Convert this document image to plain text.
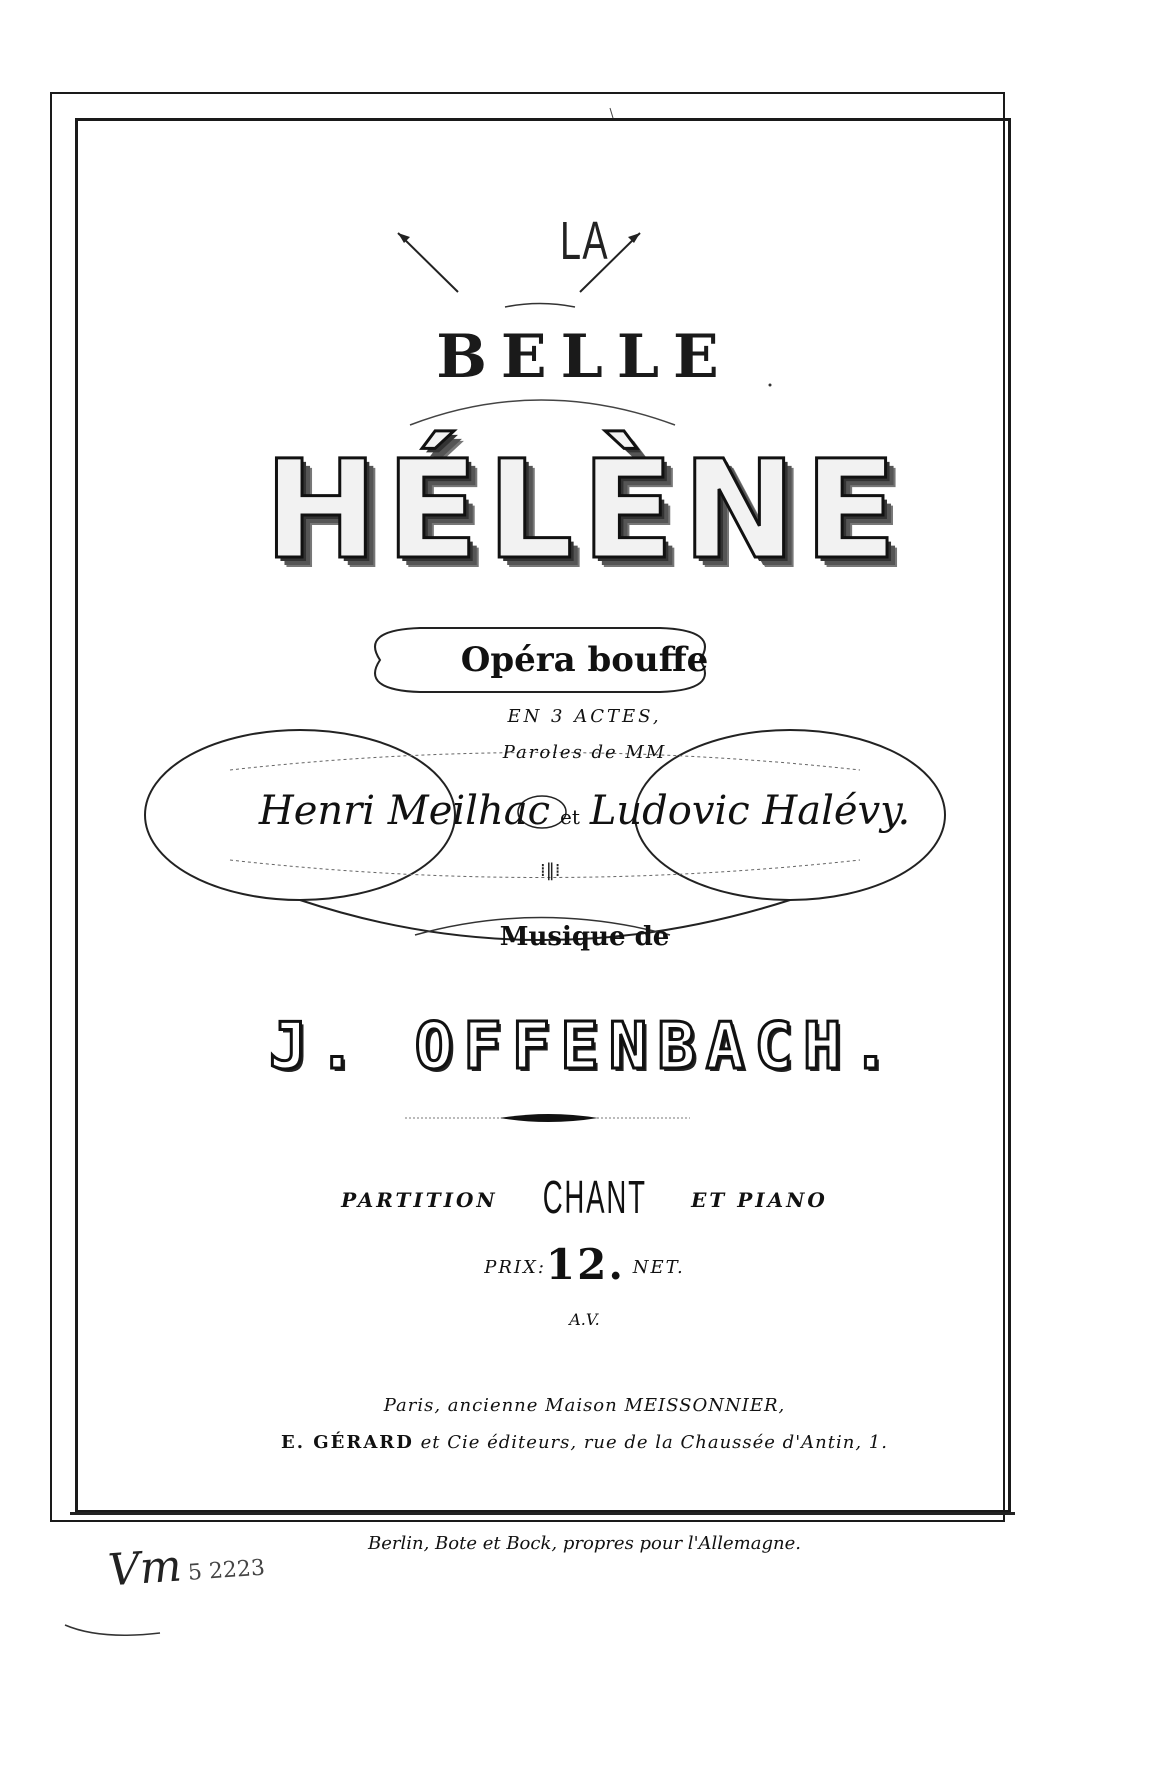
⁞‖⁞
LA
BELLE
HÉLÈNE
Opéra bouffe
EN 3 ACTES,
Paroles de MM
Henri Meilhac et Ludovic Halévy.
Musique de
J. OFFENBACH.
PARTITION CHANT ET PIANO
PRIX:12. NET.
A.V.
Paris, ancienne Maison MEISSONNIER,
E. GÉRARD et Cie éditeurs, rue de la Chaussée d'Antin, 1.
Berlin, Bote et Bock, propres pour l'Allemagne.
Vm 5 2223
